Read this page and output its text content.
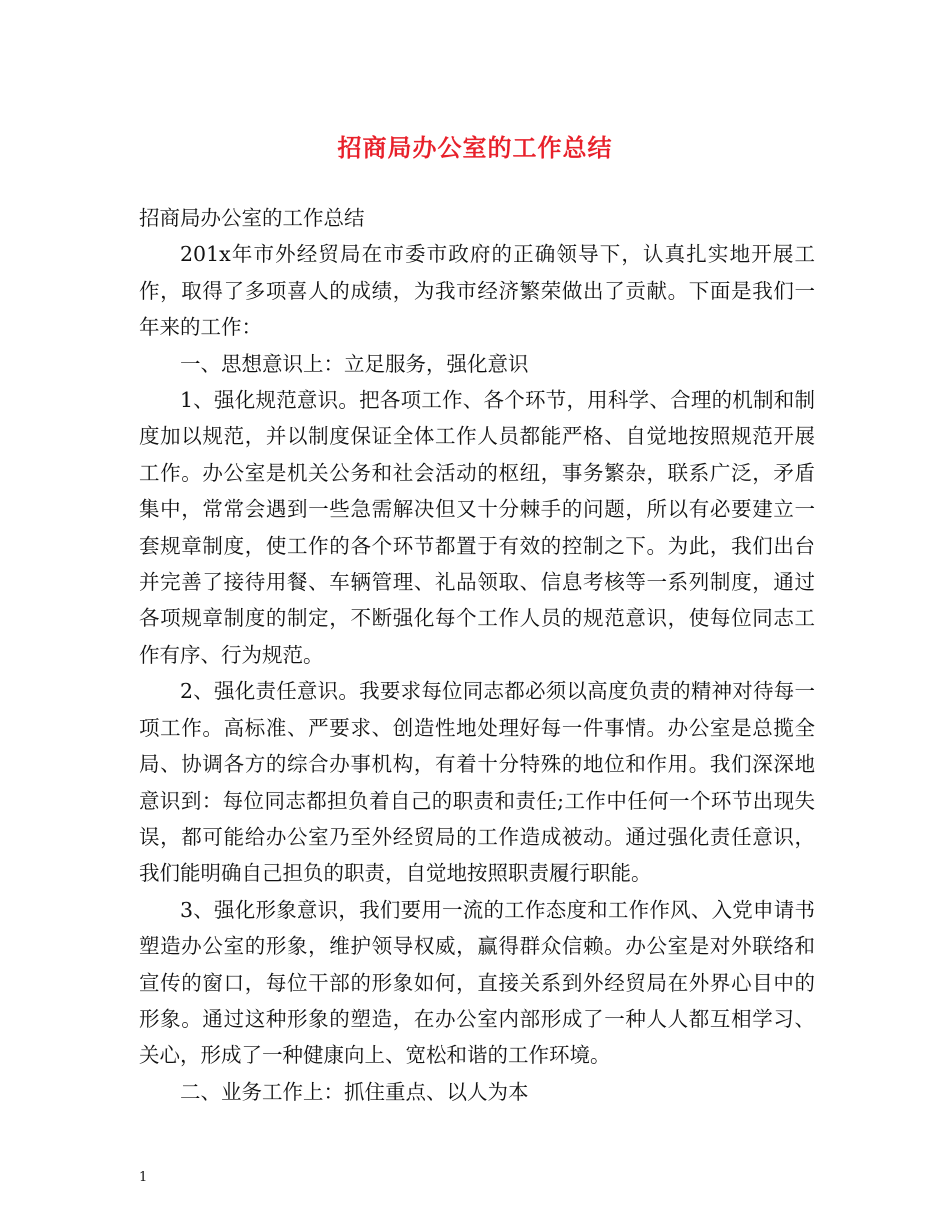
招商局办公室的工作总结

招商局办公室的工作总结

201x年市外经贸局在市委市政府的正确领导下，认真扎实地开展工作，取得了多项喜人的成绩，为我市经济繁荣做出了贡献。下面是我们一年来的工作：

一、思想意识上：立足服务，强化意识

1、强化规范意识。把各项工作、各个环节，用科学、合理的机制和制度加以规范，并以制度保证全体工作人员都能严格、自觉地按照规范开展工作。办公室是机关公务和社会活动的枢纽，事务繁杂，联系广泛，矛盾集中，常常会遇到一些急需解决但又十分棘手的问题，所以有必要建立一套规章制度，使工作的各个环节都置于有效的控制之下。为此，我们出台并完善了接待用餐、车辆管理、礼品领取、信息考核等一系列制度，通过各项规章制度的制定，不断强化每个工作人员的规范意识，使每位同志工作有序、行为规范。

2、强化责任意识。我要求每位同志都必须以高度负责的精神对待每一项工作。高标准、严要求、创造性地处理好每一件事情。办公室是总揽全局、协调各方的综合办事机构，有着十分特殊的地位和作用。我们深深地意识到：每位同志都担负着自己的职责和责任;工作中任何一个环节出现失误，都可能给办公室乃至外经贸局的工作造成被动。通过强化责任意识，我们能明确自己担负的职责，自觉地按照职责履行职能。

3、强化形象意识，我们要用一流的工作态度和工作作风、入党申请书塑造办公室的形象，维护领导权威，赢得群众信赖。办公室是对外联络和宣传的窗口，每位干部的形象如何，直接关系到外经贸局在外界心目中的形象。通过这种形象的塑造，在办公室内部形成了一种人人都互相学习、关心，形成了一种健康向上、宽松和谐的工作环境。

二、业务工作上：抓住重点、以人为本

1
